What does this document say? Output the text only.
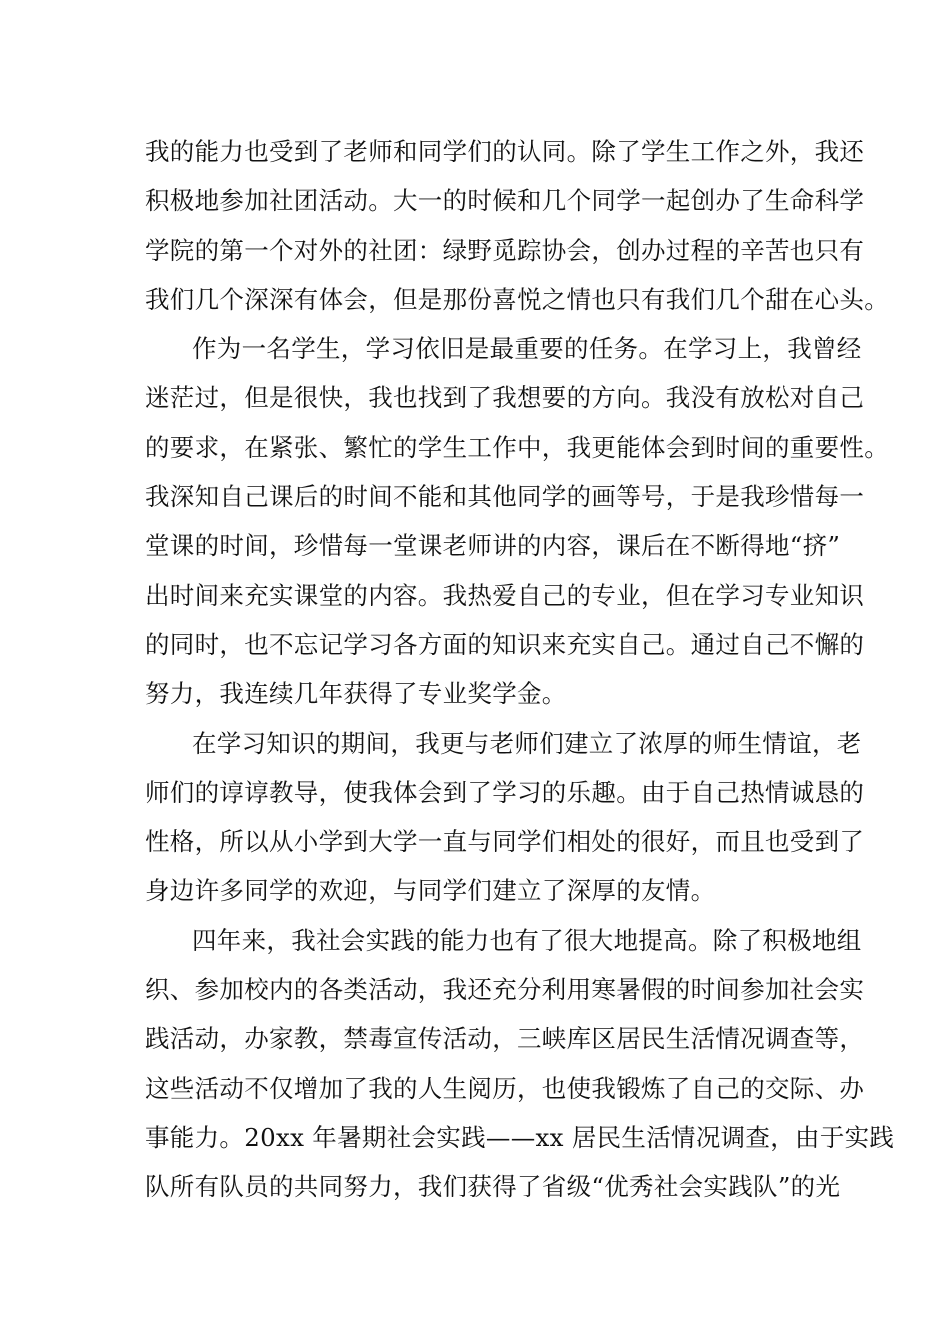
我的能力也受到了老师和同学们的认同。除了学生工作之外，我还
积极地参加社团活动。大一的时候和几个同学一起创办了生命科学
学院的第一个对外的社团：绿野觅踪协会，创办过程的辛苦也只有
我们几个深深有体会，但是那份喜悦之情也只有我们几个甜在心头。
作为一名学生，学习依旧是最重要的任务。在学习上，我曾经
迷茫过，但是很快，我也找到了我想要的方向。我没有放松对自己
的要求，在紧张、繁忙的学生工作中，我更能体会到时间的重要性。
我深知自己课后的时间不能和其他同学的画等号，于是我珍惜每一
堂课的时间，珍惜每一堂课老师讲的内容，课后在不断得地“挤”
出时间来充实课堂的内容。我热爱自己的专业，但在学习专业知识
的同时，也不忘记学习各方面的知识来充实自己。通过自己不懈的
努力，我连续几年获得了专业奖学金。
在学习知识的期间，我更与老师们建立了浓厚的师生情谊，老
师们的谆谆教导，使我体会到了学习的乐趣。由于自己热情诚恳的
性格，所以从小学到大学一直与同学们相处的很好，而且也受到了
身边许多同学的欢迎，与同学们建立了深厚的友情。
四年来，我社会实践的能力也有了很大地提高。除了积极地组
织、参加校内的各类活动，我还充分利用寒暑假的时间参加社会实
践活动，办家教，禁毒宣传活动，三峡库区居民生活情况调查等，
这些活动不仅增加了我的人生阅历，也使我锻炼了自己的交际、办
事能力。20xx 年暑期社会实践——xx 居民生活情况调查，由于实践
队所有队员的共同努力，我们获得了省级“优秀社会实践队”的光
